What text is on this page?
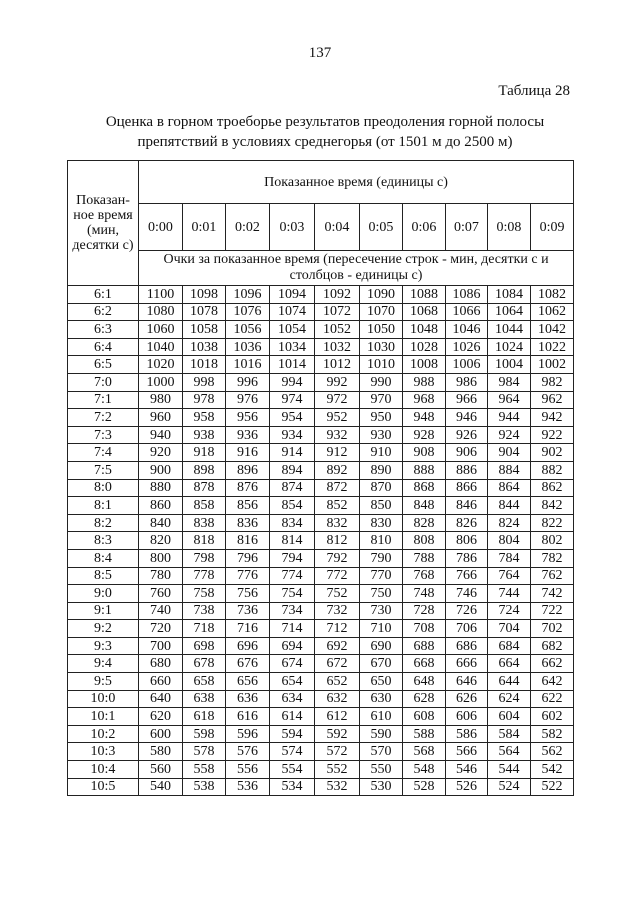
137
Таблица 28
Оценка в горном троеборье результатов преодоления горной полосы
препятствий в условиях среднегорья (от 1501 м до 2500 м)
Показан-
ное время
(мин,
десятки с)	Показанное время (единицы с)									
	0:00	0:01	0:02	0:03	0:04	0:05	0:06	0:07	0:08	0:09
	Очки за показанное время (пересечение строк - мин, десятки с и столбцов - единицы с)									
6:1	1100	1098	1096	1094	1092	1090	1088	1086	1084	1082
6:2	1080	1078	1076	1074	1072	1070	1068	1066	1064	1062
6:3	1060	1058	1056	1054	1052	1050	1048	1046	1044	1042
6:4	1040	1038	1036	1034	1032	1030	1028	1026	1024	1022
6:5	1020	1018	1016	1014	1012	1010	1008	1006	1004	1002
7:0	1000	998	996	994	992	990	988	986	984	982
7:1	980	978	976	974	972	970	968	966	964	962
7:2	960	958	956	954	952	950	948	946	944	942
7:3	940	938	936	934	932	930	928	926	924	922
7:4	920	918	916	914	912	910	908	906	904	902
7:5	900	898	896	894	892	890	888	886	884	882
8:0	880	878	876	874	872	870	868	866	864	862
8:1	860	858	856	854	852	850	848	846	844	842
8:2	840	838	836	834	832	830	828	826	824	822
8:3	820	818	816	814	812	810	808	806	804	802
8:4	800	798	796	794	792	790	788	786	784	782
8:5	780	778	776	774	772	770	768	766	764	762
9:0	760	758	756	754	752	750	748	746	744	742
9:1	740	738	736	734	732	730	728	726	724	722
9:2	720	718	716	714	712	710	708	706	704	702
9:3	700	698	696	694	692	690	688	686	684	682
9:4	680	678	676	674	672	670	668	666	664	662
9:5	660	658	656	654	652	650	648	646	644	642
10:0	640	638	636	634	632	630	628	626	624	622
10:1	620	618	616	614	612	610	608	606	604	602
10:2	600	598	596	594	592	590	588	586	584	582
10:3	580	578	576	574	572	570	568	566	564	562
10:4	560	558	556	554	552	550	548	546	544	542
10:5	540	538	536	534	532	530	528	526	524	522
